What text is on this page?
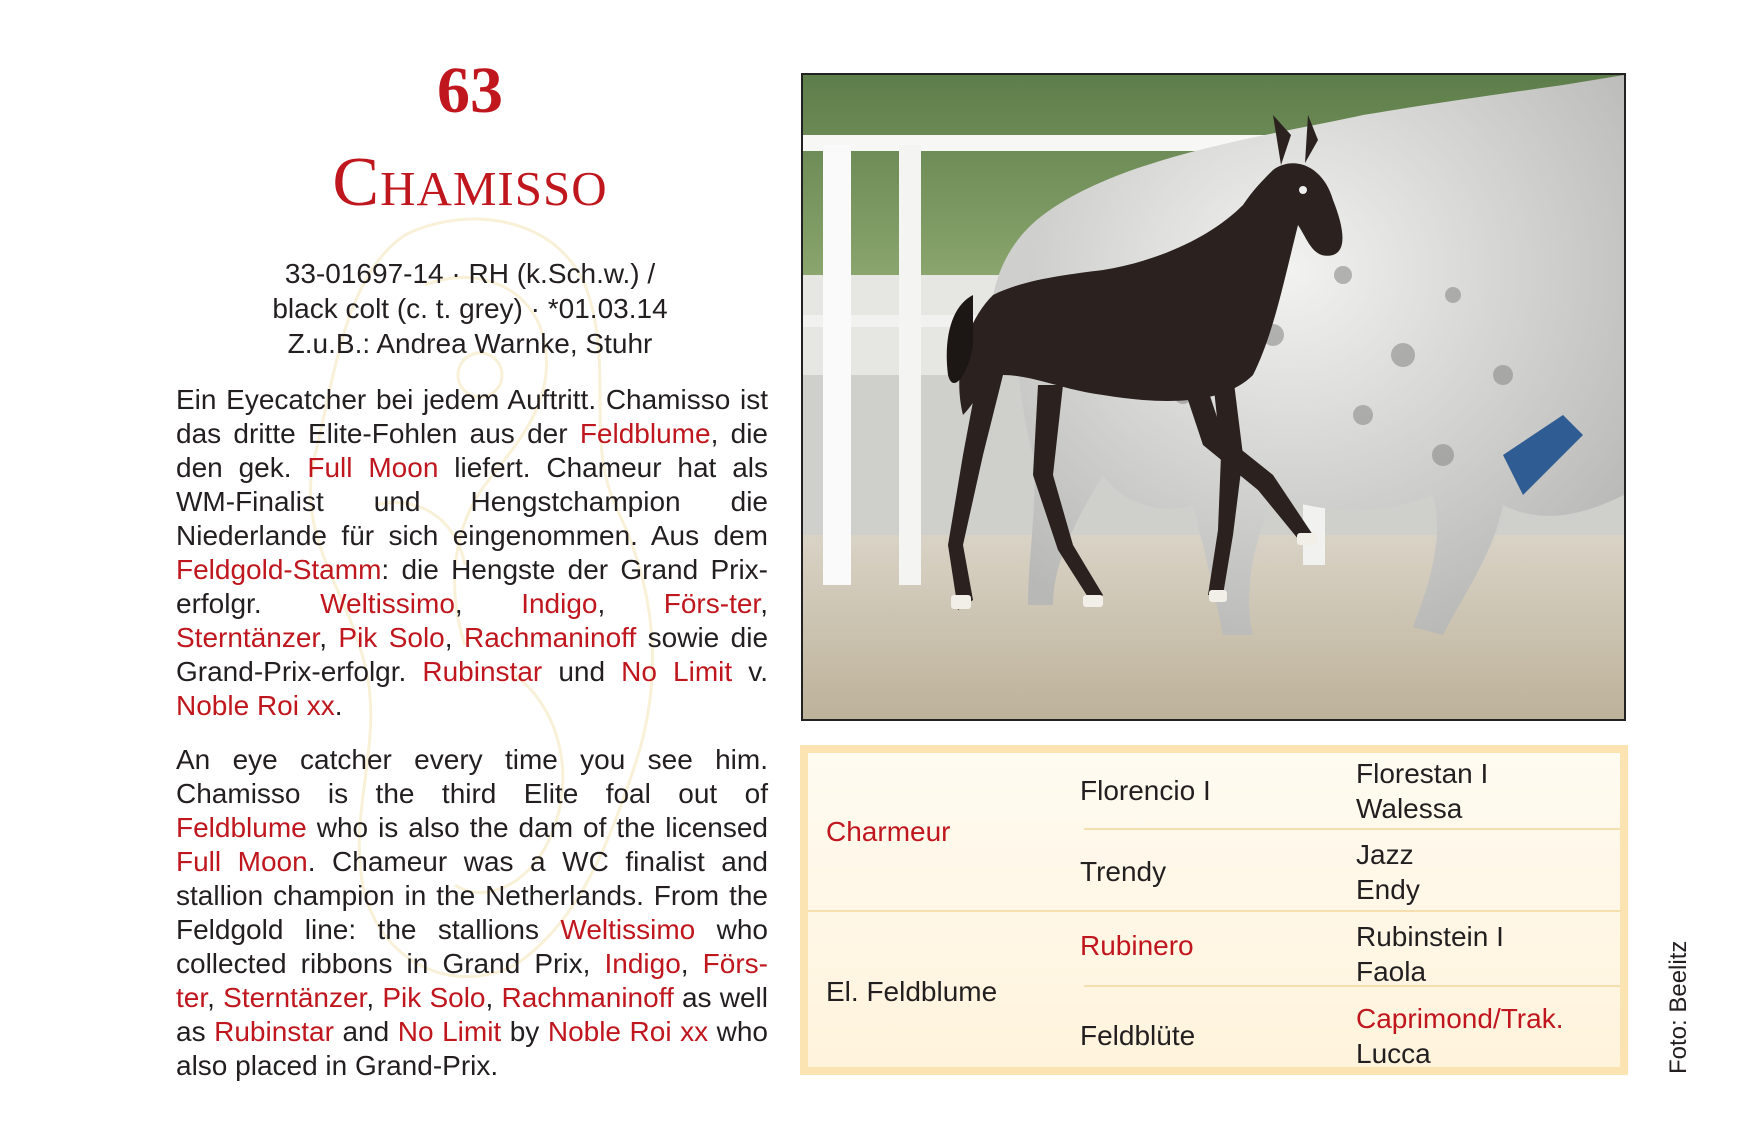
63
Chamisso
33-01697-14 · RH (k.Sch.w.) /
black colt (c. t. grey) · *01.03.14
Z.u.B.: Andrea Warnke, Stuhr
Ein Eyecatcher bei jedem Auftritt. Chamisso ist das dritte Elite-Fohlen aus der Feldblume, die den gek. Full Moon liefert. Chameur hat als WM-Finalist und Hengstchampion die Niederlande für sich eingenommen. Aus dem Feldgold-Stamm: die Hengste der Grand Prix-erfolgr. Weltissimo, Indigo, Förs-ter, Sterntänzer, Pik Solo, Rachmaninoff sowie die Grand-Prix-erfolgr. Rubinstar und No Limit v. Noble Roi xx.
An eye catcher every time you see him. Chamisso is the third Elite foal out of Feldblume who is also the dam of the licensed Full Moon. Chameur was a WC finalist and stallion champion in the Netherlands. From the Feldgold line: the stallions Weltissimo who collected ribbons in Grand Prix, Indigo, Förs-ter, Sterntänzer, Pik Solo, Rachmaninoff as well as Rubinstar and No Limit by Noble Roi xx who also placed in Grand-Prix.
Charmeur
El. Feldblume
Florencio I
Trendy
Rubinero
Feldblüte
Florestan I
Walessa
Jazz
Endy
Rubinstein I
Faola
Caprimond/Trak.
Lucca	Foto: Beelitz
